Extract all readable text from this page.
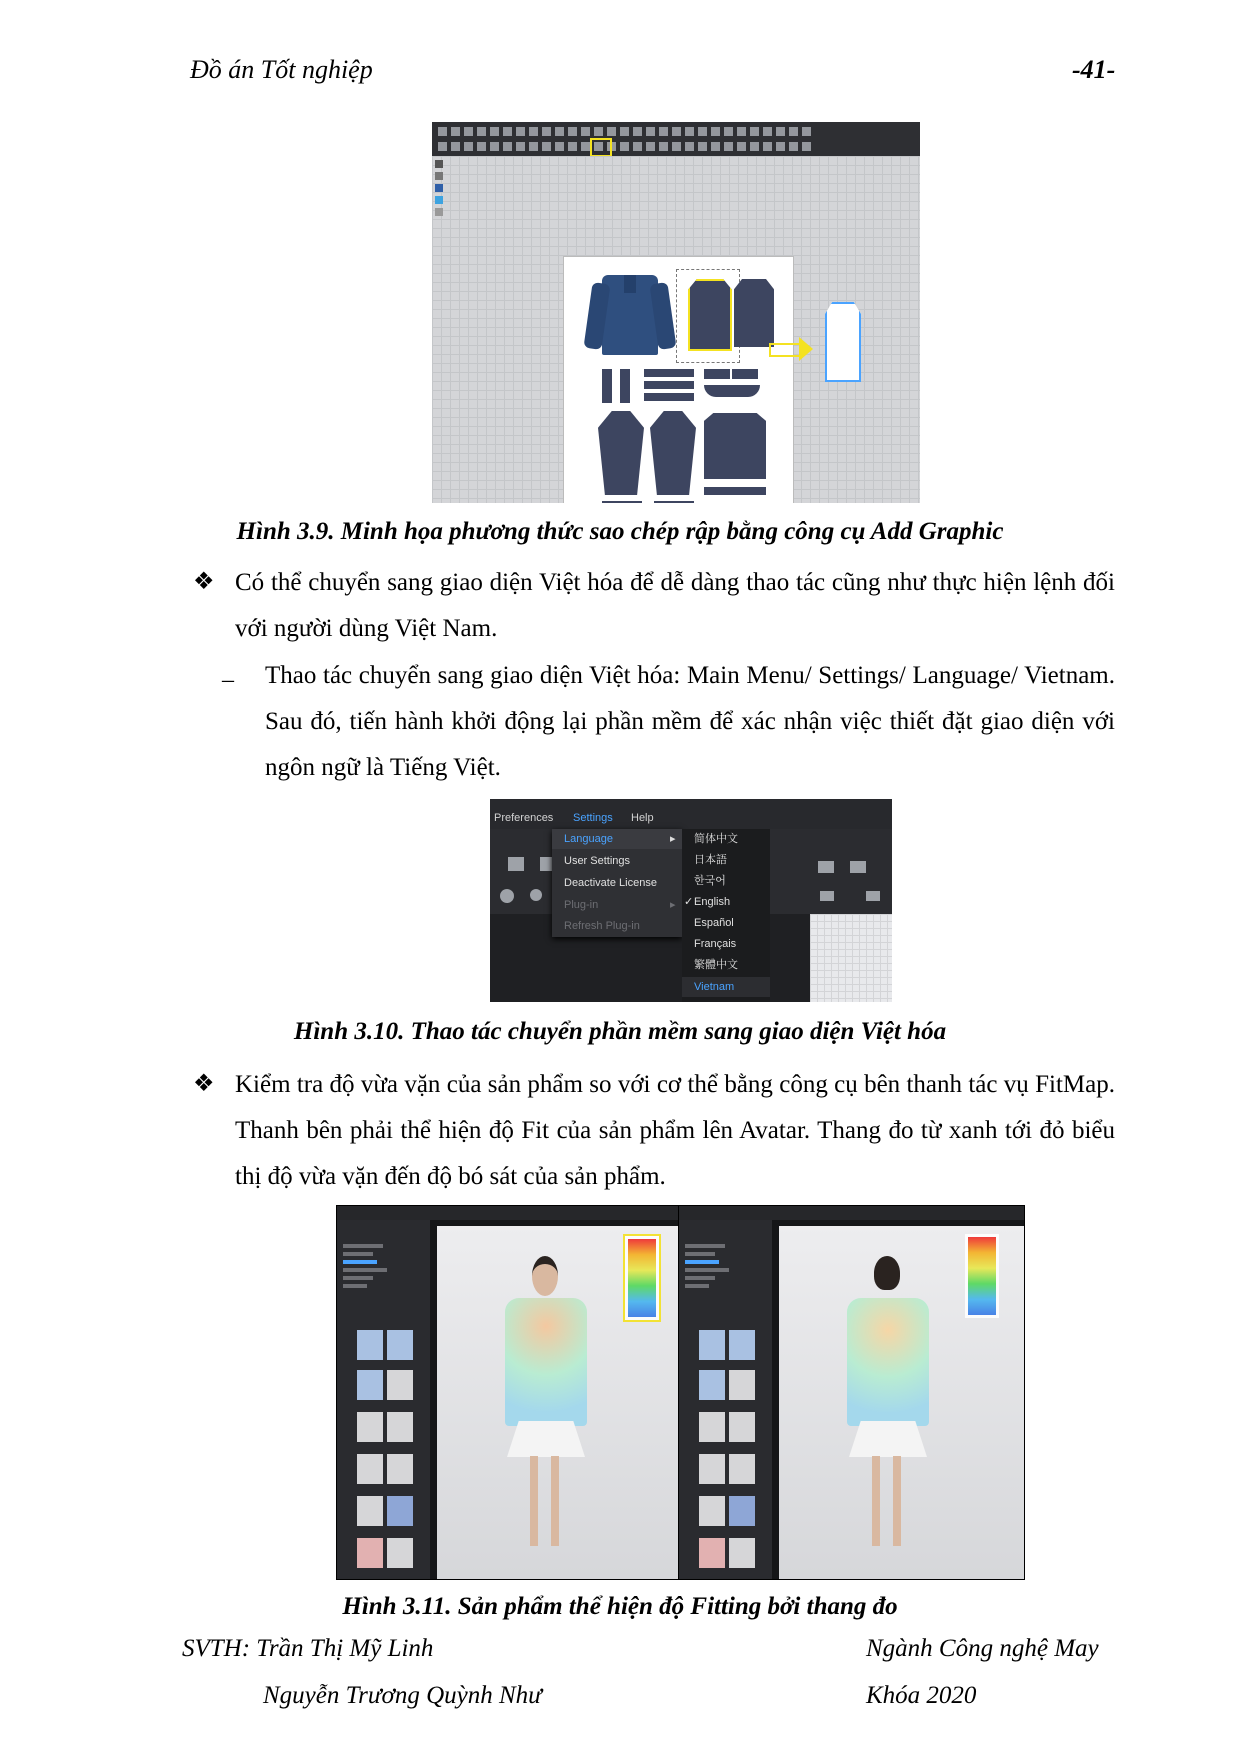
Đồ án Tốt nghiệp	-41-
Hình 3.9. Minh họa phương thức sao chép rập bằng công cụ Add Graphic
❖ Có thể chuyển sang giao diện Việt hóa để dễ dàng thao tác cũng như thực hiện lệnh đối với người dùng Việt Nam.
– Thao tác chuyển sang giao diện Việt hóa: Main Menu/ Settings/ Language/ Vietnam. Sau đó, tiến hành khởi động lại phần mềm để xác nhận việc thiết đặt giao diện với ngôn ngữ là Tiếng Việt.
Preferences Settings Help
Language	▸
User Settings
Deactivate License
Plug-in	▸
Refresh Plug-in
简体中文
日本語
한국어
✓ English
Español
Français
繁體中文
Vietnam
Hình 3.10. Thao tác chuyển phần mềm sang giao diện Việt hóa
❖ Kiểm tra độ vừa vặn của sản phẩm so với cơ thể bằng công cụ bên thanh tác vụ FitMap. Thanh bên phải thể hiện độ Fit của sản phẩm lên Avatar. Thang đo từ xanh tới đỏ biểu thị độ vừa vặn đến độ bó sát của sản phẩm.
Hình 3.11. Sản phẩm thể hiện độ Fitting bởi thang đo
SVTH: Trần Thị Mỹ Linh
Nguyễn Trương Quỳnh Như
Ngành Công nghệ May
Khóa 2020
